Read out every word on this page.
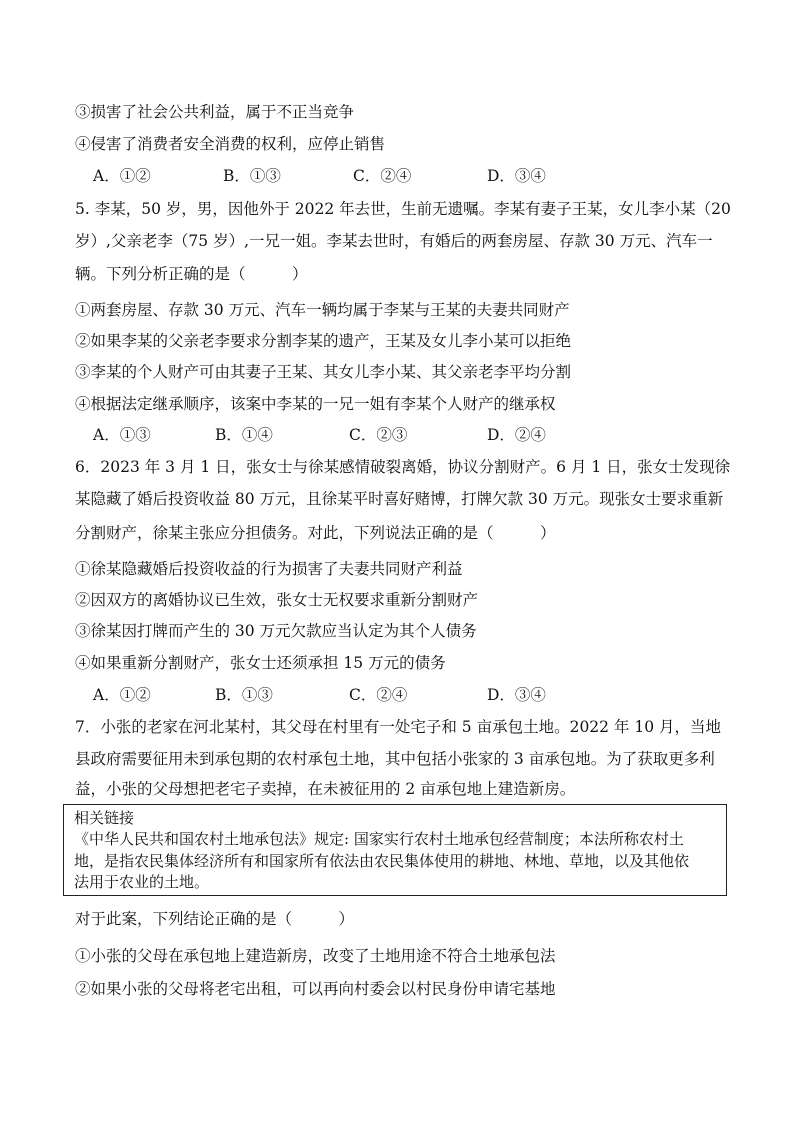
③损害了社会公共利益，属于不正当竞争
④侵害了消费者安全消费的权利，应停止销售
A．①②	B．①③	C．②④	D．③④
5. 李某，50 岁，男，因他外于 2022 年去世，生前无遗嘱。李某有妻子王某，女儿李小某（20
岁）,父亲老李（75 岁）,一兄一姐。李某去世时，有婚后的两套房屋、存款 30 万元、汽车一
辆。下列分析正确的是（　　　）
①两套房屋、存款 30 万元、汽车一辆均属于李某与王某的夫妻共同财产
②如果李某的父亲老李要求分割李某的遗产，王某及女儿李小某可以拒绝
③李某的个人财产可由其妻子王某、其女儿李小某、其父亲老李平均分割
④根据法定继承顺序，该案中李某的一兄一姐有李某个人财产的继承权
A．①③	B．①④	C．②③	D．②④
6．2023 年 3 月 1 日，张女士与徐某感情破裂离婚，协议分割财产。6 月 1 日，张女士发现徐
某隐藏了婚后投资收益 80 万元，且徐某平时喜好赌博，打牌欠款 30 万元。现张女士要求重新
分割财产，徐某主张应分担债务。对此，下列说法正确的是（　　　）
①徐某隐藏婚后投资收益的行为损害了夫妻共同财产利益
②因双方的离婚协议已生效，张女士无权要求重新分割财产
③徐某因打牌而产生的 30 万元欠款应当认定为其个人债务
④如果重新分割财产，张女士还须承担 15 万元的债务
A．①②	B．①③	C．②④	D．③④
7．小张的老家在河北某村，其父母在村里有一处宅子和 5 亩承包土地。2022 年 10 月，当地
县政府需要征用未到承包期的农村承包土地，其中包括小张家的 3 亩承包地。为了获取更多利
益，小张的父母想把老宅子卖掉，在未被征用的 2 亩承包地上建造新房。
相关链接
《中华人民共和国农村土地承包法》规定: 国家实行农村土地承包经营制度；本法所称农村土
地，是指农民集体经济所有和国家所有依法由农民集体使用的耕地、林地、草地，以及其他依
法用于农业的土地。
对于此案，下列结论正确的是（　　　）
①小张的父母在承包地上建造新房，改变了土地用途不符合土地承包法
②如果小张的父母将老宅出租，可以再向村委会以村民身份申请宅基地
